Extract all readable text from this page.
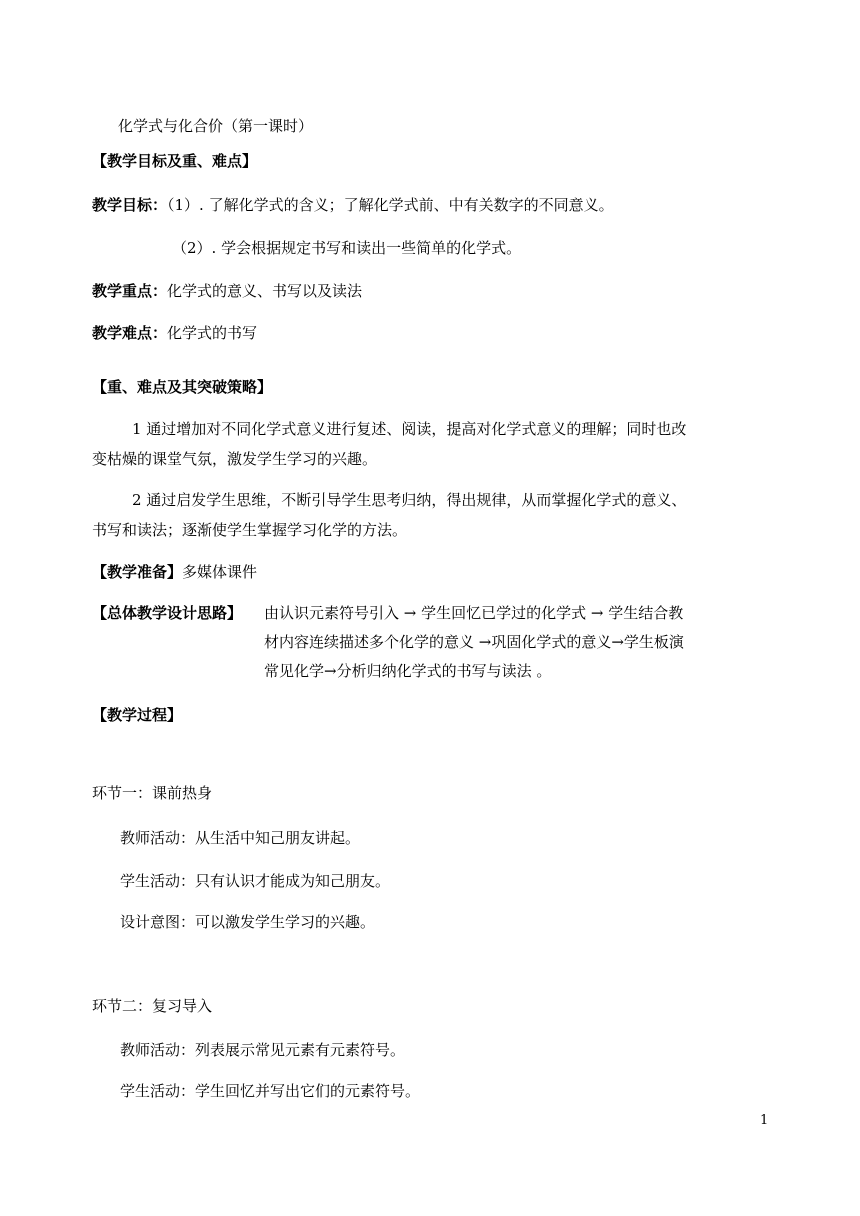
化学式与化合价（第一课时）
【教学目标及重、难点】
教学目标：（1）. 了解化学式的含义；了解化学式前、中有关数字的不同意义。
（2）. 学会根据规定书写和读出一些简单的化学式。
教学重点：化学式的意义、书写以及读法
教学难点：化学式的书写
【重、难点及其突破策略】
1 通过增加对不同化学式意义进行复述、阅读，提高对化学式意义的理解；同时也改
变枯燥的课堂气氛，激发学生学习的兴趣。
2 通过启发学生思维，不断引导学生思考归纳，得出规律，从而掌握化学式的意义、
书写和读法；逐渐使学生掌握学习化学的方法。
【教学准备】多媒体课件
【总体教学设计思路】 由认识元素符号引入 → 学生回忆已学过的化学式 → 学生结合教
材内容连续描述多个化学的意义 →巩固化学式的意义→学生板演
常见化学→分析归纳化学式的书写与读法 。
【教学过程】
环节一：课前热身
教师活动：从生活中知己朋友讲起。
学生活动：只有认识才能成为知己朋友。
设计意图：可以激发学生学习的兴趣。
环节二：复习导入
教师活动：列表展示常见元素有元素符号。
学生活动：学生回忆并写出它们的元素符号。
1
